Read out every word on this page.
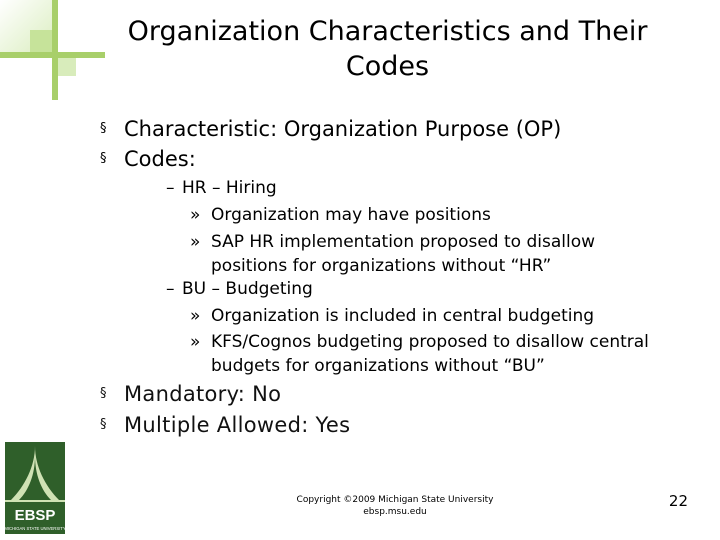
Organization Characteristics and Their
Codes
§ Characteristic: Organization Purpose (OP)
§ Codes:
– HR – Hiring
» Organization may have positions
» SAP HR implementation proposed to disallow positions for organizations without “HR”
– BU – Budgeting
» Organization is included in central budgeting
» KFS/Cognos budgeting proposed to disallow central budgets for organizations without “BU”
§ Mandatory: No
§ Multiple Allowed: Yes
EBSP
MICHIGAN STATE UNIVERSITY
Copyright ©2009 Michigan State University
ebsp.msu.edu
22
